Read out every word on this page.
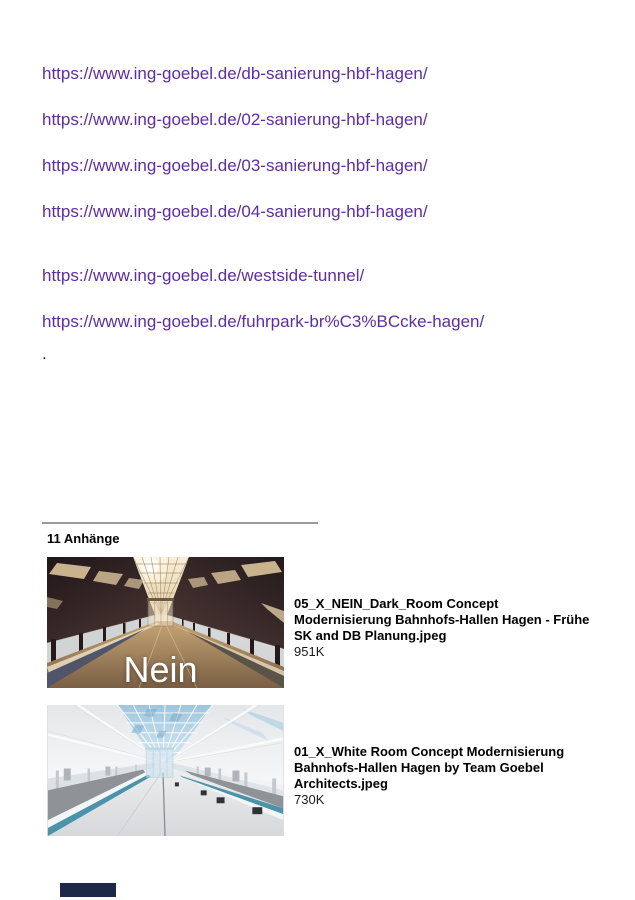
https://www.ing-goebel.de/db-sanierung-hbf-hagen/

https://www.ing-goebel.de/02-sanierung-hbf-hagen/

https://www.ing-goebel.de/03-sanierung-hbf-hagen/

https://www.ing-goebel.de/04-sanierung-hbf-hagen/

https://www.ing-goebel.de/westside-tunnel/

https://www.ing-goebel.de/fuhrpark-br%C3%BCcke-hagen/

.
11 Anhänge
Nein
05_X_NEIN_Dark_Room Concept Modernisierung Bahnhofs-Hallen Hagen - Frühe SK and DB Planung.jpeg
951K
01_X_White Room Concept Modernisierung Bahnhofs-Hallen Hagen by Team Goebel Architects.jpeg
730K
